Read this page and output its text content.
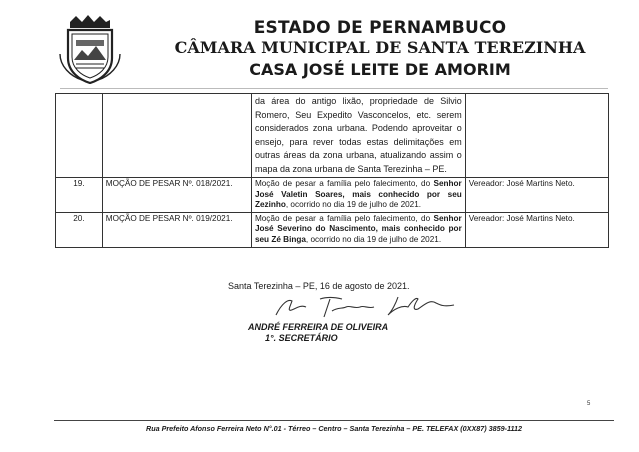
ESTADO DE PERNAMBUCO
CÂMARA MUNICIPAL DE SANTA TEREZINHA
CASA JOSÉ LEITE DE AMORIM
		da área do antigo lixão, propriedade de Silvio Romero, Seu Expedito Vasconcelos, etc. serem considerados zona urbana. Podendo aproveitar o ensejo, para rever todas estas delimitações em outras áreas da zona urbana, atualizando assim o mapa da zona urbana de Santa Terezinha – PE.	
19.	MOÇÃO DE PESAR Nº. 018/2021.	Moção de pesar a família pelo falecimento, do Senhor José Valetin Soares, mais conhecido por seu Zezinho, ocorrido no dia 19 de julho de 2021.	Vereador: José Martins Neto.
20.	MOÇÃO DE PESAR Nº. 019/2021.	Moção de pesar a família pelo falecimento, do Senhor José Severino do Nascimento, mais conhecido por seu Zé Binga, ocorrido no dia 19 de julho de 2021.	Vereador: José Martins Neto.
Santa Terezinha – PE, 16 de agosto de 2021.
ANDRÉ FERREIRA DE OLIVEIRA
1°. SECRETÁRIO
5
Rua Prefeito Afonso Ferreira Neto N°.01 - Térreo – Centro – Santa Terezinha – PE. TELEFAX (0XX87) 3859-1112
